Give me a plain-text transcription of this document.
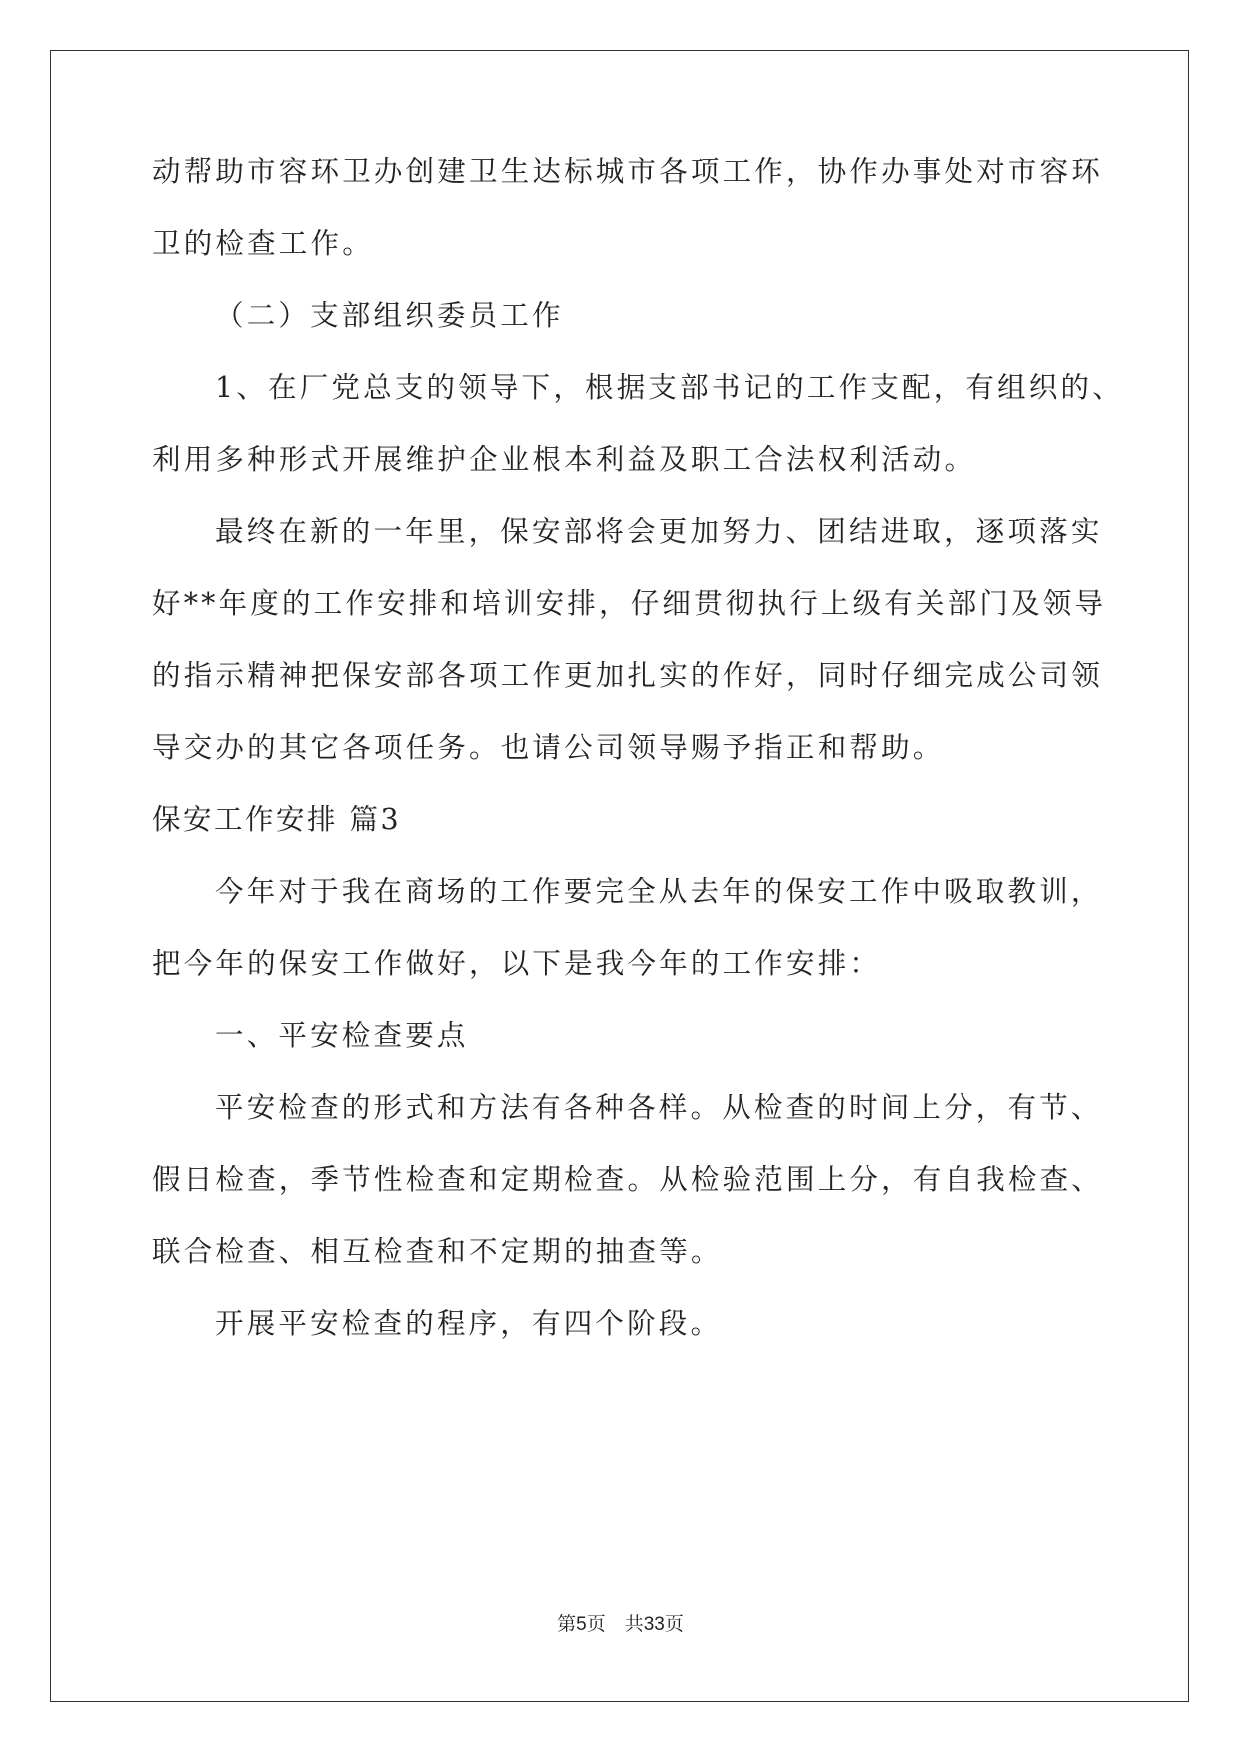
动帮助市容环卫办创建卫生达标城市各项工作，协作办事处对市容环
卫的检查工作。
（二）支部组织委员工作
1、在厂党总支的领导下，根据支部书记的工作支配，有组织的、
利用多种形式开展维护企业根本利益及职工合法权利活动。
最终在新的一年里，保安部将会更加努力、团结进取，逐项落实
好**年度的工作安排和培训安排，仔细贯彻执行上级有关部门及领导
的指示精神把保安部各项工作更加扎实的作好，同时仔细完成公司领
导交办的其它各项任务。也请公司领导赐予指正和帮助。
保安工作安排 篇3
今年对于我在商场的工作要完全从去年的保安工作中吸取教训，
把今年的保安工作做好，以下是我今年的工作安排：
一、平安检查要点
平安检查的形式和方法有各种各样。从检查的时间上分，有节、
假日检查，季节性检查和定期检查。从检验范围上分，有自我检查、
联合检查、相互检查和不定期的抽查等。
开展平安检查的程序，有四个阶段。
第5页　共33页
